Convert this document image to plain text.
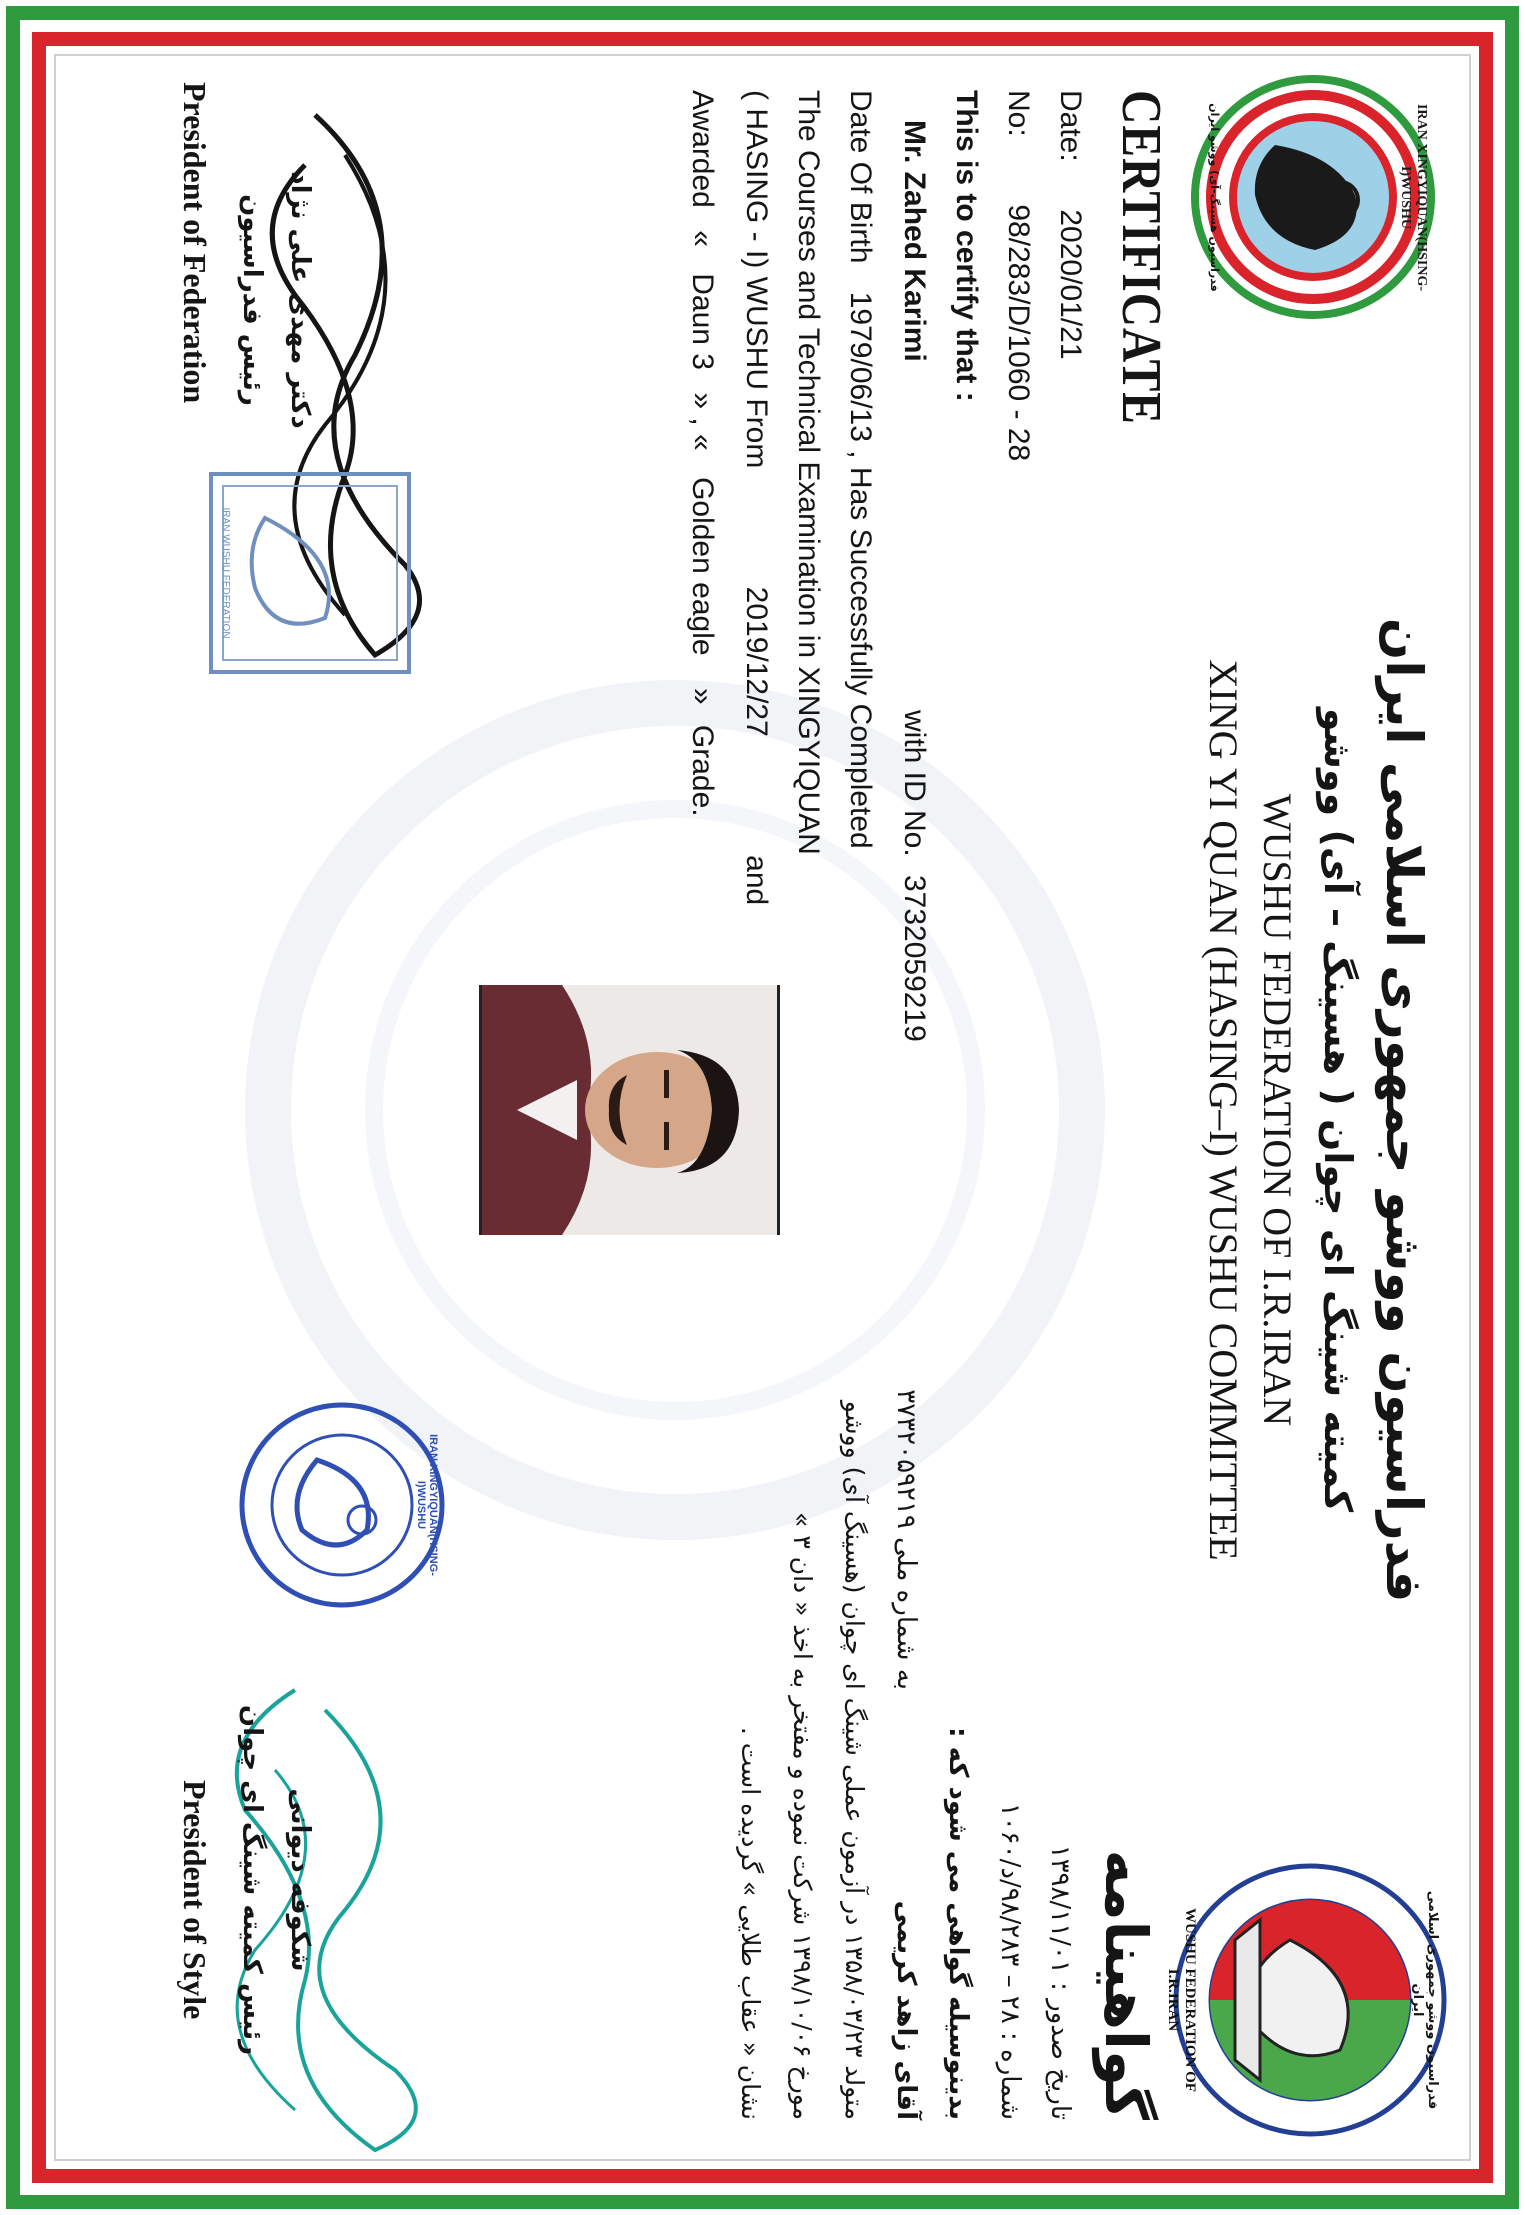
IRAN XINGYIQUAN(HSING-I)WUSHU
فدراسیون هسینگ-آی) ووشو ایران
WUSHU FEDERATION OF I.R.IRAN	فدراسیون ووشو جمهوری اسلامی ایران
فدراسیون ووشو جمهوری اسلامی ایران
کمیته شینگ ای چوان ( هسینگ – آی) ووشو
WUSHU FEDERATION OF I.R.IRAN
XING YI QUAN (HASING–I) WUSHU COMMITTEE
CERTIFICATE
Date:2020/01/21
No:98/283/D/1060 - 28
This is to certify that :
Mr. Zahed Karimi
with ID No.
3732059219
Date Of Birth 1979/06/13 , Has Successfully Completed
The Courses and Technical Examination in XINGYIQUAN
( HASING - I) WUSHU From 2019/12/27 and
Awarded « Daun 3 » , « Golden eagle » Grade.
گواهینامه
تاریخ صدور : ۱۳۹۸/۱۱/۰۱
شماره : ۲۸ – ۹۸/۲۸۳/د/۱۰۶۰
بدینوسیله گواهی می شود که :
آقای زاهد کریمی
به شماره ملی ۳۷۳۲۰۵۹۲۱۹
متولد ۱۳۵۸/۰۳/۲۳ در آزمون عملی شینگ ای چوان (هسینگ آی) ووشو
مورخ ۱۳۹۸/۱۰/۰۶ شرکت نموده و مفتخر به اخذ « دان ۳ »
نشان « عقاب طلایی » گردیده است .
دکتر مهدی علی نژاد
رئیس فدراسیون
President of Federation
IRAN WUSHU FEDERATION
IRAN XINGYIQUAN(HSING-I)WUSHU
شکوفه دیوانی
رئیس کمیته شینگ ای چوان
President of Style
